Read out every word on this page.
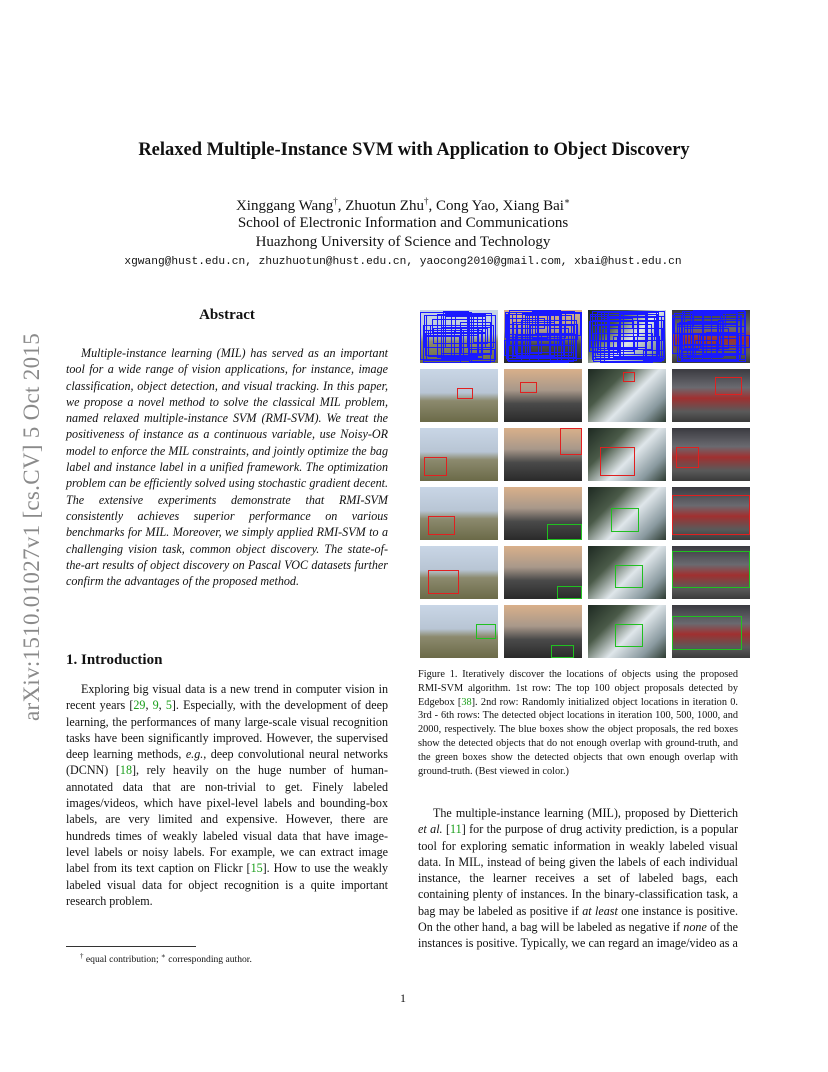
arXiv:1510.01027v1 [cs.CV] 5 Oct 2015
Relaxed Multiple-Instance SVM with Application to Object Discovery
Xinggang Wang†, Zhuotun Zhu†, Cong Yao, Xiang Bai∗
School of Electronic Information and Communications
Huazhong University of Science and Technology
xgwang@hust.edu.cn, zhuzhuotun@hust.edu.cn, yaocong2010@gmail.com, xbai@hust.edu.cn
Abstract

Multiple-instance learning (MIL) has served as an important tool for a wide range of vision applications, for instance, image classification, object detection, and visual tracking. In this paper, we propose a novel method to solve the classical MIL problem, named relaxed multiple-instance SVM (RMI-SVM). We treat the positiveness of instance as a continuous variable, use Noisy-OR model to enforce the MIL constraints, and jointly optimize the bag label and instance label in a unified framework. The optimization problem can be efficiently solved using stochastic gradient decent. The extensive experiments demonstrate that RMI-SVM consistently achieves superior performance on various benchmarks for MIL. Moreover, we simply applied RMI-SVM to a challenging vision task, common object discovery. The state-of-the-art results of object discovery on Pascal VOC datasets further confirm the advantages of the proposed method.

1. Introduction

Exploring big visual data is a new trend in computer vision in recent years [29, 9, 5]. Especially, with the development of deep learning, the performances of many large-scale visual recognition tasks have been significantly improved. However, the supervised deep learning methods, e.g., deep convolutional neural networks (DCNN) [18], rely heavily on the huge number of human-annotated data that are non-trivial to get. Finely labeled images/videos, which have pixel-level labels and bounding-box labels, are very limited and expensive. However, there are hundreds times of weakly labeled visual data that have image-level labels or noisy labels. For example, we can extract image label from its text caption on Flickr [15]. How to use the weakly labeled visual data for object recognition is a quite important research problem.

† equal contribution; ∗ corresponding author.

Figure 1. Iteratively discover the locations of objects using the proposed RMI-SVM algorithm. 1st row: The top 100 object proposals detected by Edgebox [38]. 2nd row: Randomly initialized object locations in iteration 0. 3rd - 6th rows: The detected object locations in iteration 100, 500, 1000, and 2000, respectively. The blue boxes show the object proposals, the red boxes show the detected objects that do not enough overlap with ground-truth, and the green boxes show the detected objects that own enough overlap with ground-truth. (Best viewed in color.)

The multiple-instance learning (MIL), proposed by Dietterich et al. [11] for the purpose of drug activity prediction, is a popular tool for exploring sematic information in weakly labeled visual data. In MIL, instead of being given the labels of each individual instance, the learner receives a set of labeled bags, each containing plenty of instances. In the binary-classification task, a bag may be labeled as positive if at least one instance is positive. On the other hand, a bag will be labeled as negative if none of the instances is positive. Typically, we can regard an image/video as a

1
